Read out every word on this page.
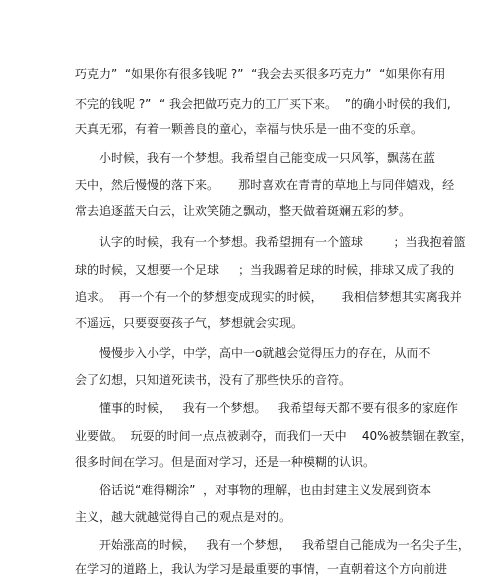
巧克力”  “如果你有很多钱呢 ?”  “我会去买很多巧克力”  “如果你有用
不完的钱呢 ?”  “ 我会把做巧克力的工厂买下来。  ”的确小时侯的我们,
天真无邪，有着一颗善良的童心，幸福与快乐是一曲不变的乐章。
小时候，我有一个梦想。我希望自己能变成一只风筝，飘荡在蓝
天中，然后慢慢的落下来。     那时喜欢在青青的草地上与同伴嬉戏，经
常去追逐蓝天白云，让欢笑随之飘动，整天做着斑斓五彩的梦。
认字的时候，我有一个梦想。我希望拥有一个篮球        ；当我抱着篮
球的时候，又想要一个足球     ；当我踢着足球的时候，排球又成了我的
追求。  再一个有一个的梦想变成现实的时候，     我相信梦想其实离我并
不遥远，只要耍耍孩子气，梦想就会实现。
慢慢步入小学，中学，高中一o就越会觉得压力的存在，从而不
会了幻想，只知道死读书，没有了那些快乐的音符。
懂事的时候，   我有一个梦想。   我希望每天都不要有很多的家庭作
业要做。  玩耍的时间一点点被剥夺，而我们一天中    40%被禁锢在教室，
很多时间在学习。但是面对学习，还是一种模糊的认识。
俗话说“难得糊涂”  ，对事物的理解，也由封建主义发展到资本
主义，越大就越觉得自己的观点是对的。
开始涨高的时候，   我有一个梦想，   我希望自己能成为一名尖子生，
在学习的道路上，我认为学习是最重要的事情，一直朝着这个方向前进
